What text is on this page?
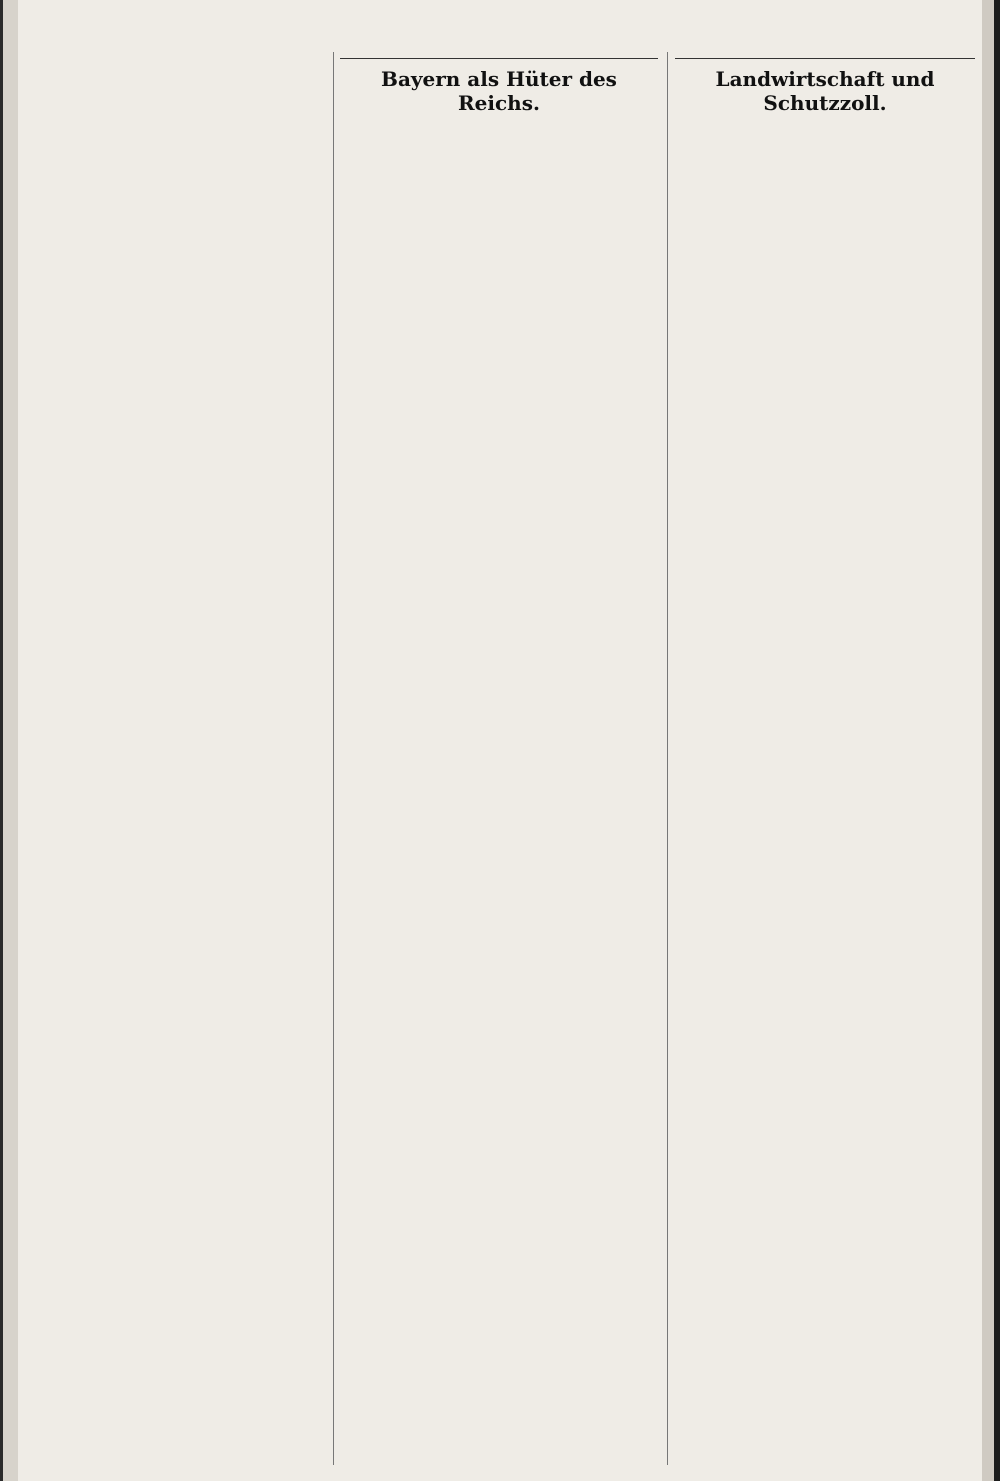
Bayern als Hüter des Reichs.
Landwirtschaft und Schutzzoll.
